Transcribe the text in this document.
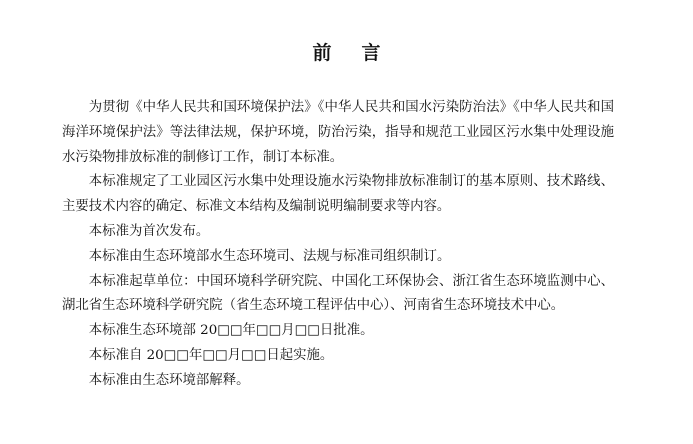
前言

为贯彻《中华人民共和国环境保护法》《中华人民共和国水污染防治法》《中华人民共和国海洋环境保护法》等法律法规，保护环境，防治污染，指导和规范工业园区污水集中处理设施水污染物排放标准的制修订工作，制订本标准。

本标准规定了工业园区污水集中处理设施水污染物排放标准制订的基本原则、技术路线、主要技术内容的确定、标准文本结构及编制说明编制要求等内容。

本标准为首次发布。

本标准由生态环境部水生态环境司、法规与标准司组织制订。

本标准起草单位：中国环境科学研究院、中国化工环保协会、浙江省生态环境监测中心、湖北省生态环境科学研究院（省生态环境工程评估中心）、河南省生态环境技术中心。

本标准生态环境部 20□□年□□月□□日批准。

本标准自 20□□年□□月□□日起实施。

本标准由生态环境部解释。
